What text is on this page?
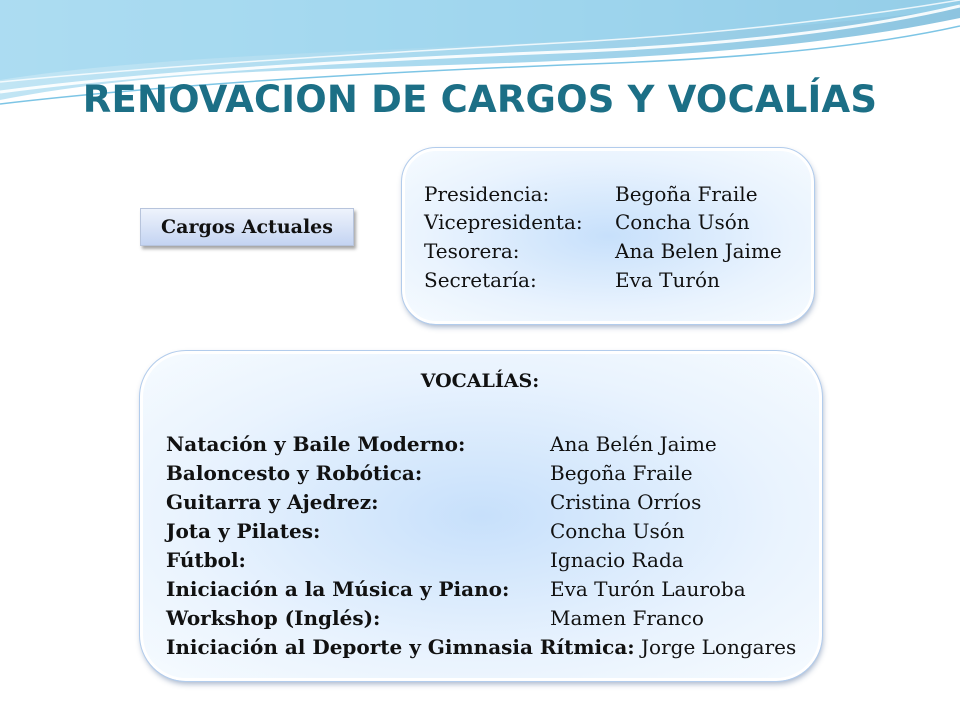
RENOVACION DE CARGOS Y VOCALÍAS
Cargos Actuales
Presidencia:	Begoña Fraile
Vicepresidenta: Concha Usón
Tesorera:	Ana Belen Jaime
Secretaría:	Eva Turón
VOCALÍAS:
Natación y Baile Moderno:	Ana Belén Jaime
Baloncesto y Robótica:	Begoña Fraile
Guitarra y Ajedrez:	Cristina Orríos
Jota y Pilates:	Concha Usón
Fútbol:	Ignacio Rada
Iniciación a la Música y Piano: Eva Turón Lauroba
Workshop (Inglés):	Mamen Franco
Iniciación al Deporte y Gimnasia Rítmica: Jorge Longares
